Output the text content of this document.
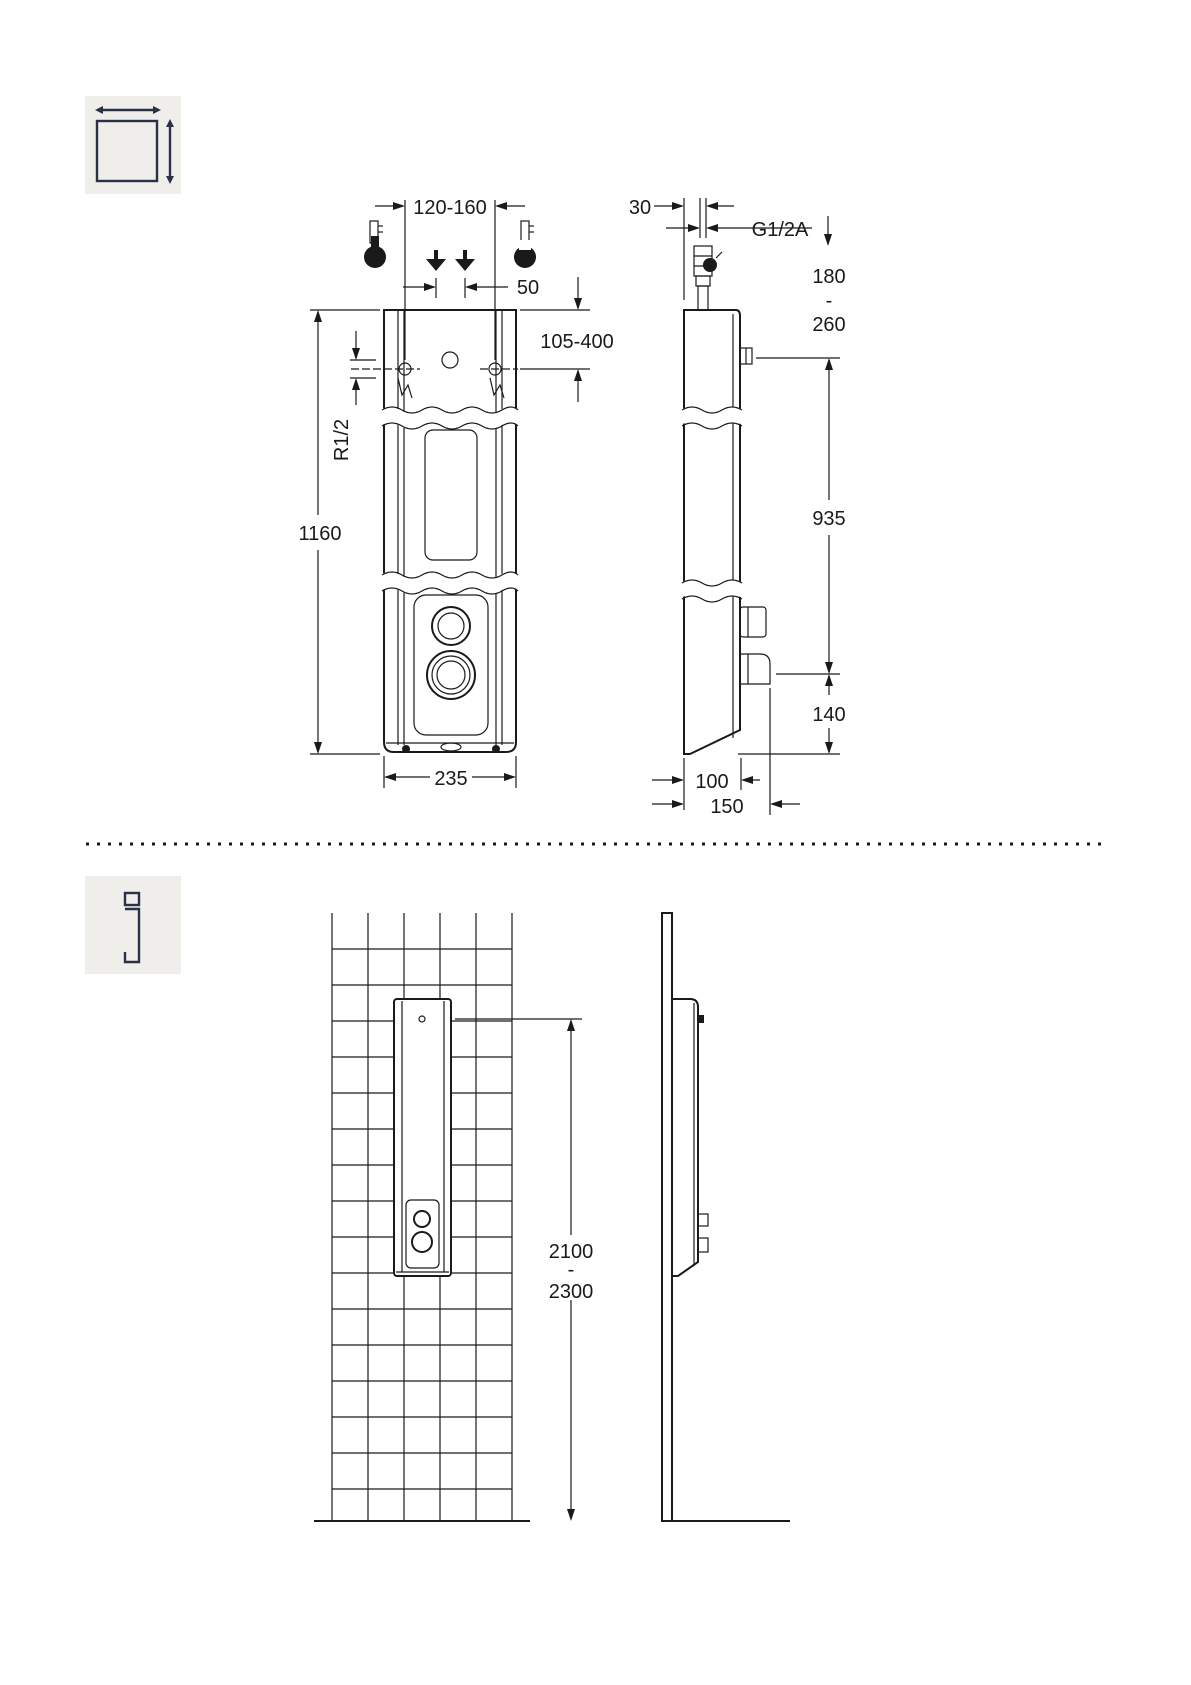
120-160
50
105-400
R1/2
1160
235
30
G1/2A
180
-
260
935
140
100
150
2100
-
2300
